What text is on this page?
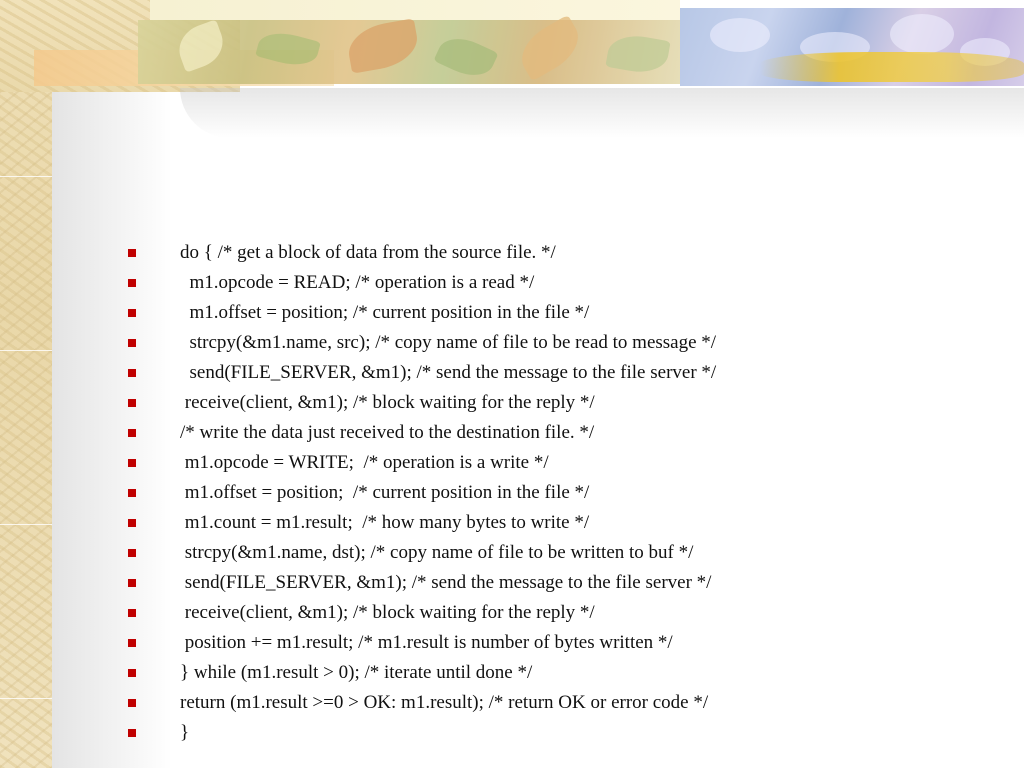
do { /* get a block of data from the source file. */
m1.opcode = READ; /* operation is a read */
m1.offset = position; /* current position in the file */
strcpy(&m1.name, src); /* copy name of file to be read to message */
send(FILE_SERVER, &m1); /* send the message to the file server */
receive(client, &m1); /* block waiting for the reply */
/* write the data just received to the destination file. */
m1.opcode = WRITE;  /* operation is a write */
m1.offset = position;  /* current position in the file */
m1.count = m1.result;  /* how many bytes to write */
strcpy(&m1.name, dst); /* copy name of file to be written to buf */
send(FILE_SERVER, &m1); /* send the message to the file server */
receive(client, &m1); /* block waiting for the reply */
position += m1.result; /* m1.result is number of bytes written */
} while (m1.result > 0); /* iterate until done */
return (m1.result >=0 > OK: m1.result); /* return OK or error code */
}
